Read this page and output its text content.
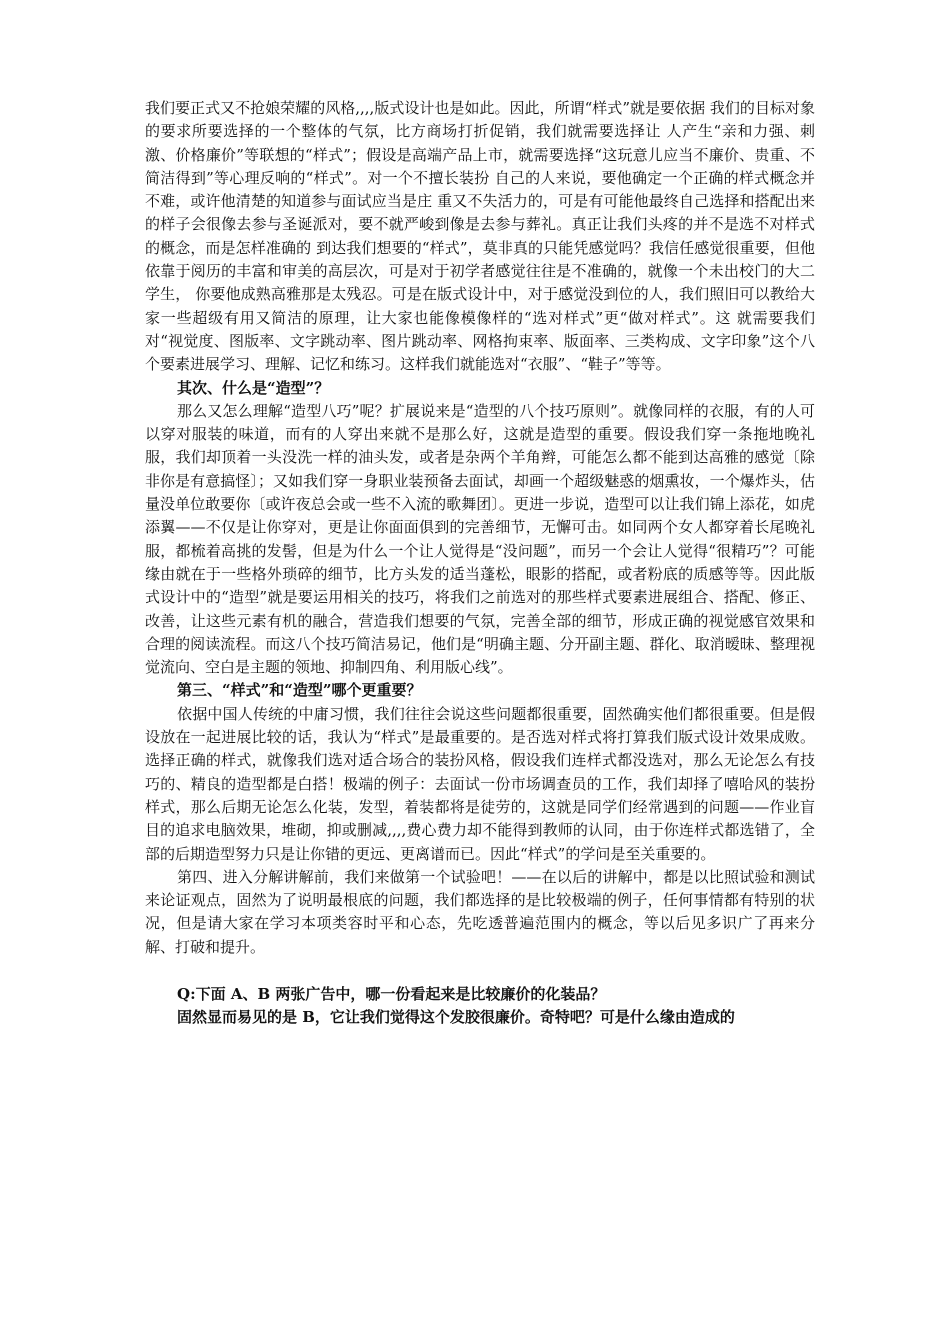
我们要正式又不抢娘荣耀的风格,,,,版式设计也是如此。因此，所谓“样式”就是要依据 我们的目标对象的要求所要选择的一个整体的气氛，比方商场打折促销，我们就需要选择让 人产生“亲和力强、刺激、价格廉价”等联想的“样式”；假设是高端产品上市，就需要选择“这玩意儿应当不廉价、贵重、不简洁得到”等心理反响的“样式”。对一个不擅长装扮 自己的人来说，要他确定一个正确的样式概念并不难，或许他清楚的知道参与面试应当是庄 重又不失活力的，可是有可能他最终自己选择和搭配出来的样子会很像去参与圣诞派对，要不就严峻到像是去参与葬礼。真正让我们头疼的并不是选不对样式的概念，而是怎样准确的 到达我们想要的“样式”，莫非真的只能凭感觉吗？我信任感觉很重要，但他依靠于阅历的丰富和审美的高层次，可是对于初学者感觉往往是不准确的，就像一个未出校门的大二学生， 你要他成熟高雅那是太残忍。可是在版式设计中，对于感觉没到位的人，我们照旧可以教给大家一些超级有用又简洁的原理，让大家也能像模像样的“选对样式”更“做对样式”。这 就需要我们对“视觉度、图版率、文字跳动率、图片跳动率、网格拘束率、版面率、三类构成、文字印象”这个八个要素进展学习、理解、记忆和练习。这样我们就能选对“衣服”、“鞋子”等等。

其次、什么是“造型”？

那么又怎么理解“造型八巧”呢？扩展说来是“造型的八个技巧原则”。就像同样的衣服，有的人可以穿对服装的味道，而有的人穿出来就不是那么好，这就是造型的重要。假设我们穿一条拖地晚礼服，我们却顶着一头没洗一样的油头发，或者是杂两个羊角辫，可能怎么都不能到达高雅的感觉〔除非你是有意搞怪〕；又如我们穿一身职业装预备去面试，却画一个超级魅惑的烟熏妆，一个爆炸头，估量没单位敢要你〔或许夜总会或一些不入流的歌舞团〕。更进一步说，造型可以让我们锦上添花，如虎添翼——不仅是让你穿对，更是让你面面俱到的完善细节，无懈可击。如同两个女人都穿着长尾晚礼服，都梳着高挑的发髻，但是为什么一个让人觉得是“没问题”，而另一个会让人觉得“很精巧”？可能缘由就在于一些格外琐碎的细节，比方头发的适当蓬松，眼影的搭配，或者粉底的质感等等。因此版式设计中的“造型”就是要运用相关的技巧，将我们之前选对的那些样式要素进展组合、搭配、修正、改善，让这些元素有机的融合，营造我们想要的气氛，完善全部的细节，形成正确的视觉感官效果和合理的阅读流程。而这八个技巧简洁易记，他们是“明确主题、分开副主题、群化、取消暧昧、整理视觉流向、空白是主题的领地、抑制四角、利用版心线”。

第三、“样式”和“造型”哪个更重要？

依据中国人传统的中庸习惯，我们往往会说这些问题都很重要，固然确实他们都很重要。但是假设放在一起进展比较的话，我认为“样式”是最重要的。是否选对样式将打算我们版式设计效果成败。选择正确的样式，就像我们选对适合场合的装扮风格，假设我们连样式都没选对，那么无论怎么有技巧的、精良的造型都是白搭！极端的例子：去面试一份市场调查员的工作，我们却择了嘻哈风的装扮样式，那么后期无论怎么化装，发型，着装都将是徒劳的，这就是同学们经常遇到的问题——作业盲目的追求电脑效果，堆砌，抑或删减,,,,费心费力却不能得到教师的认同，由于你连样式都选错了，全部的后期造型努力只是让你错的更远、更离谱而已。因此“样式”的学问是至关重要的。

第四、进入分解讲解前，我们来做第一个试验吧！——在以后的讲解中，都是以比照试验和测试来论证观点，固然为了说明最根底的问题，我们都选择的是比较极端的例子，任何事情都有特别的状况，但是请大家在学习本项类容时平和心态，先吃透普遍范围内的概念，等以后见多识广了再来分解、打破和提升。

Q:下面 A、B 两张广告中，哪一份看起来是比较廉价的化装品？

固然显而易见的是 B，它让我们觉得这个发胶很廉价。奇特吧？可是什么缘由造成的
